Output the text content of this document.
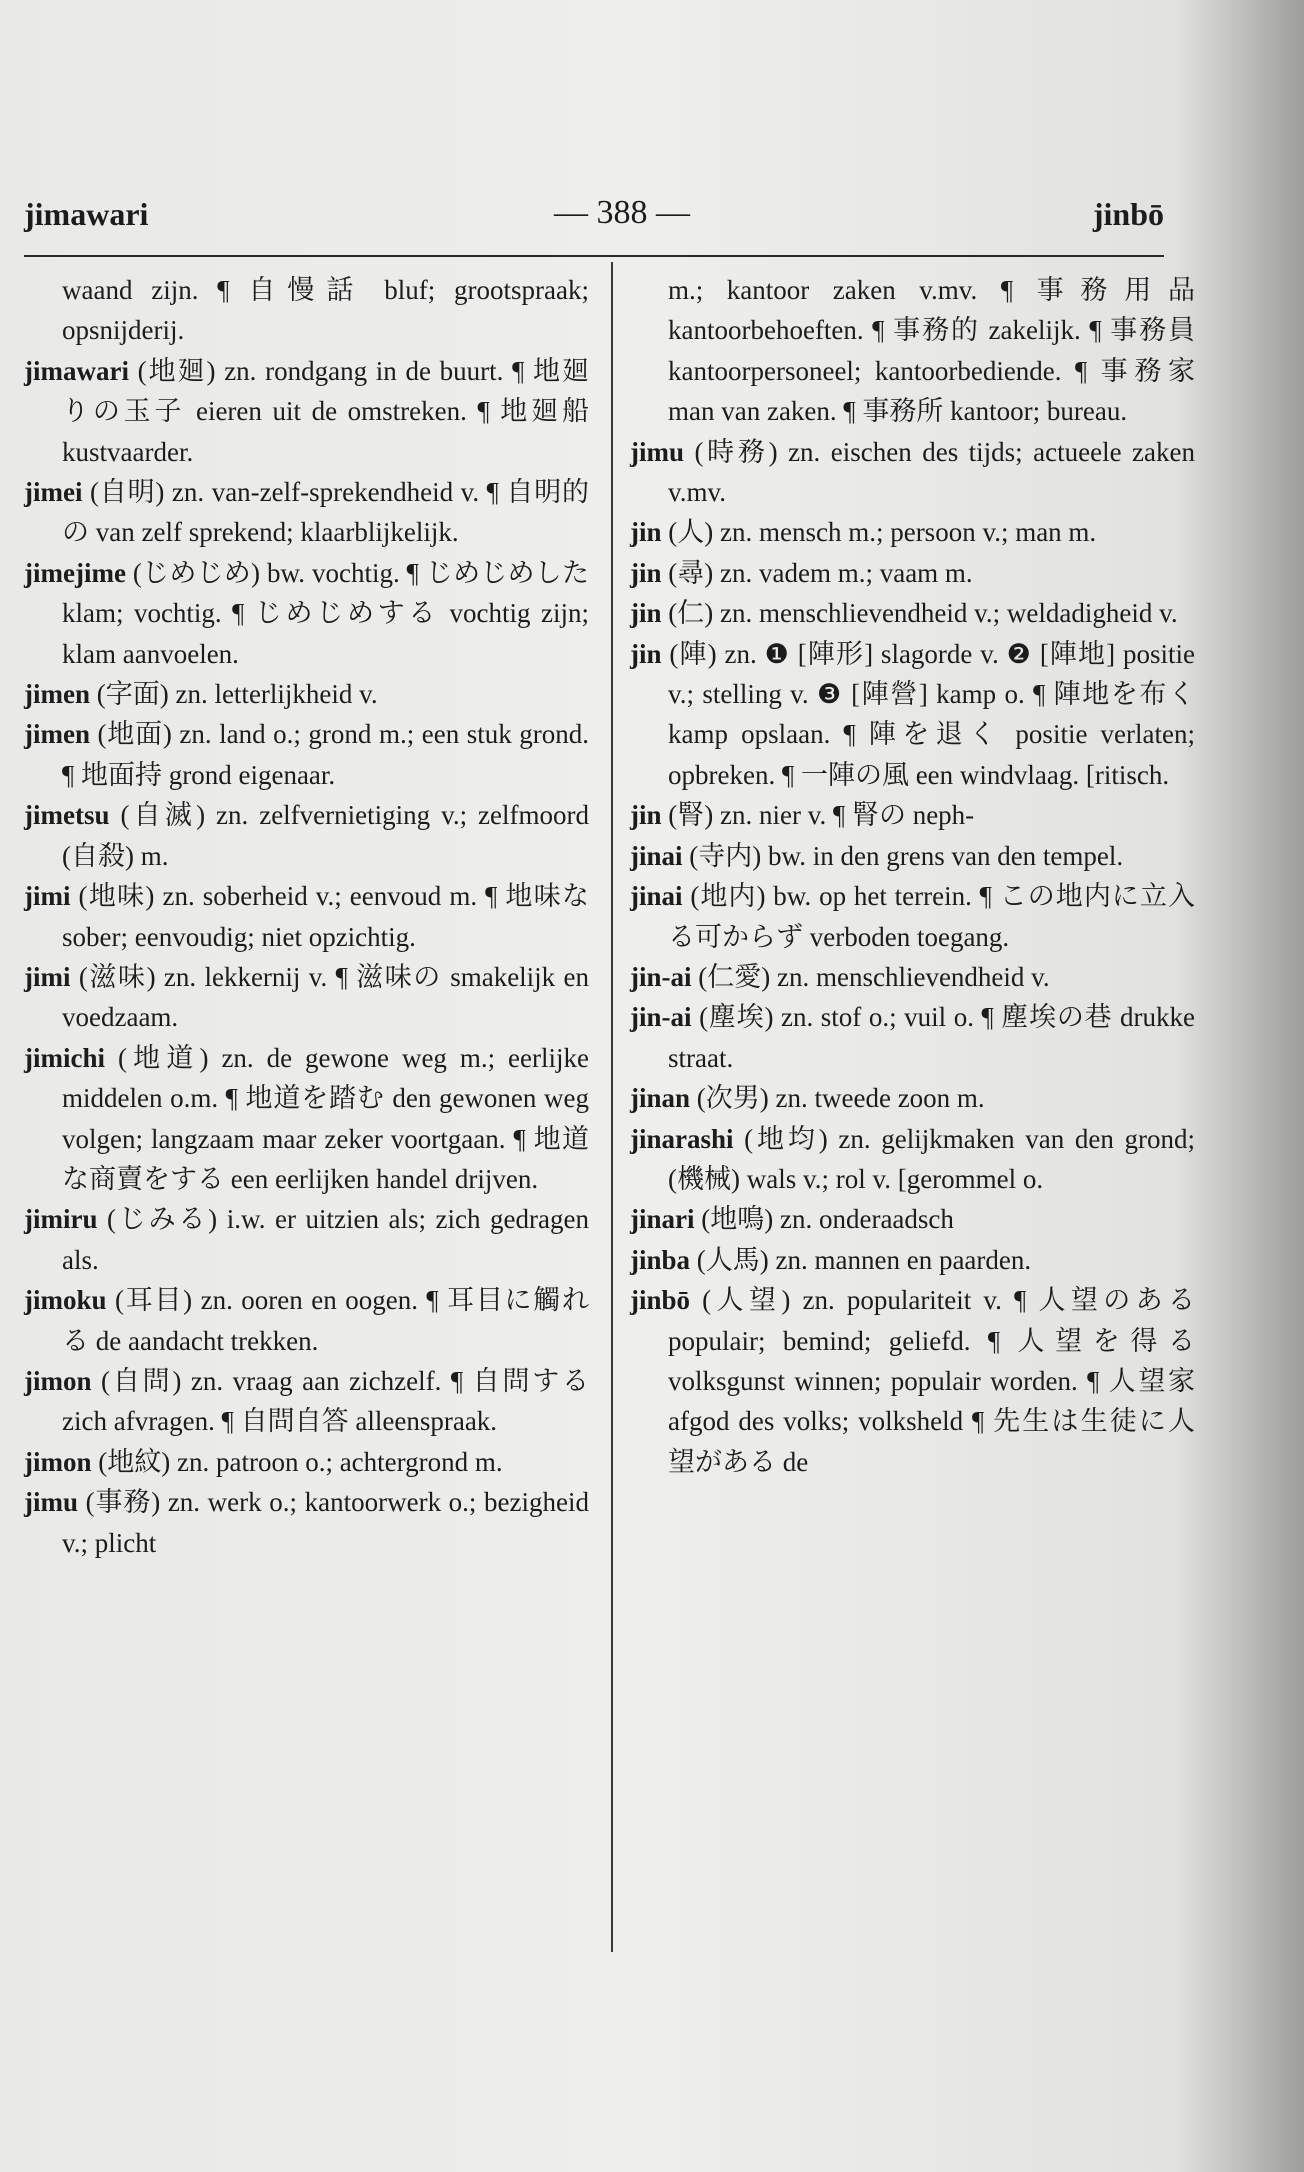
jimawari	— 388 —	jinbō
waand zijn. ¶ 自慢話 bluf; grootspraak; opsnijderij.
jimawari (地廻) zn. rondgang in de buurt. ¶ 地廻りの玉子 eieren uit de omstreken. ¶ 地廻船 kustvaarder.
jimei (自明) zn. van-zelf-sprekendheid v. ¶ 自明的の van zelf sprekend; klaarblijkelijk.
jimejime (じめじめ) bw. vochtig. ¶ じめじめした klam; vochtig. ¶ じめじめする vochtig zijn; klam aanvoelen.
jimen (字面) zn. letterlijkheid v.
jimen (地面) zn. land o.; grond m.; een stuk grond. ¶ 地面持 grond eigenaar.
jimetsu (自滅) zn. zelfvernietiging v.; zelfmoord (自殺) m.
jimi (地味) zn. soberheid v.; eenvoud m. ¶ 地味な sober; eenvoudig; niet opzichtig.
jimi (滋味) zn. lekkernij v. ¶ 滋味の smakelijk en voedzaam.
jimichi (地道) zn. de gewone weg m.; eerlijke middelen o.m. ¶ 地道を踏む den gewonen weg volgen; langzaam maar zeker voortgaan. ¶ 地道な商賣をする een eerlijken handel drijven.
jimiru (じみる) i.w. er uitzien als; zich gedragen als.
jimoku (耳目) zn. ooren en oogen. ¶ 耳目に觸れる de aandacht trekken.
jimon (自問) zn. vraag aan zichzelf. ¶ 自問する zich afvragen. ¶ 自問自答 alleenspraak.
jimon (地紋) zn. patroon o.; achtergrond m.
jimu (事務) zn. werk o.; kantoorwerk o.; bezigheid v.; plicht
m.; kantoor zaken v.mv. ¶ 事務用品 kantoorbehoeften. ¶ 事務的 zakelijk. ¶ 事務員 kantoorpersoneel; kantoorbediende. ¶ 事務家 man van zaken. ¶ 事務所 kantoor; bureau.
jimu (時務) zn. eischen des tijds; actueele zaken v.mv.
jin (人) zn. mensch m.; persoon v.; man m.
jin (尋) zn. vadem m.; vaam m.
jin (仁) zn. menschlievendheid v.; weldadigheid v.
jin (陣) zn. ❶ [陣形] slagorde v. ❷ [陣地] positie v.; stelling v. ❸ [陣營] kamp o. ¶ 陣地を布く kamp opslaan. ¶ 陣を退く positie verlaten; opbreken. ¶ 一陣の風 een windvlaag. [ritisch.
jin (腎) zn. nier v. ¶ 腎の neph-
jinai (寺内) bw. in den grens van den tempel.
jinai (地内) bw. op het terrein. ¶ この地内に立入る可からず verboden toegang.
jin-ai (仁愛) zn. menschlievendheid v.
jin-ai (塵埃) zn. stof o.; vuil o. ¶ 塵埃の巷 drukke straat.
jinan (次男) zn. tweede zoon m.
jinarashi (地均) zn. gelijkmaken van den grond; (機械) wals v.; rol v. [gerommel o.
jinari (地鳴) zn. onderaadsch
jinba (人馬) zn. mannen en paarden.
jinbō (人望) zn. populariteit v. ¶ 人望のある populair; bemind; geliefd. ¶ 人望を得る volksgunst winnen; populair worden. ¶ 人望家 afgod des volks; volksheld ¶ 先生は生徒に人望がある de
